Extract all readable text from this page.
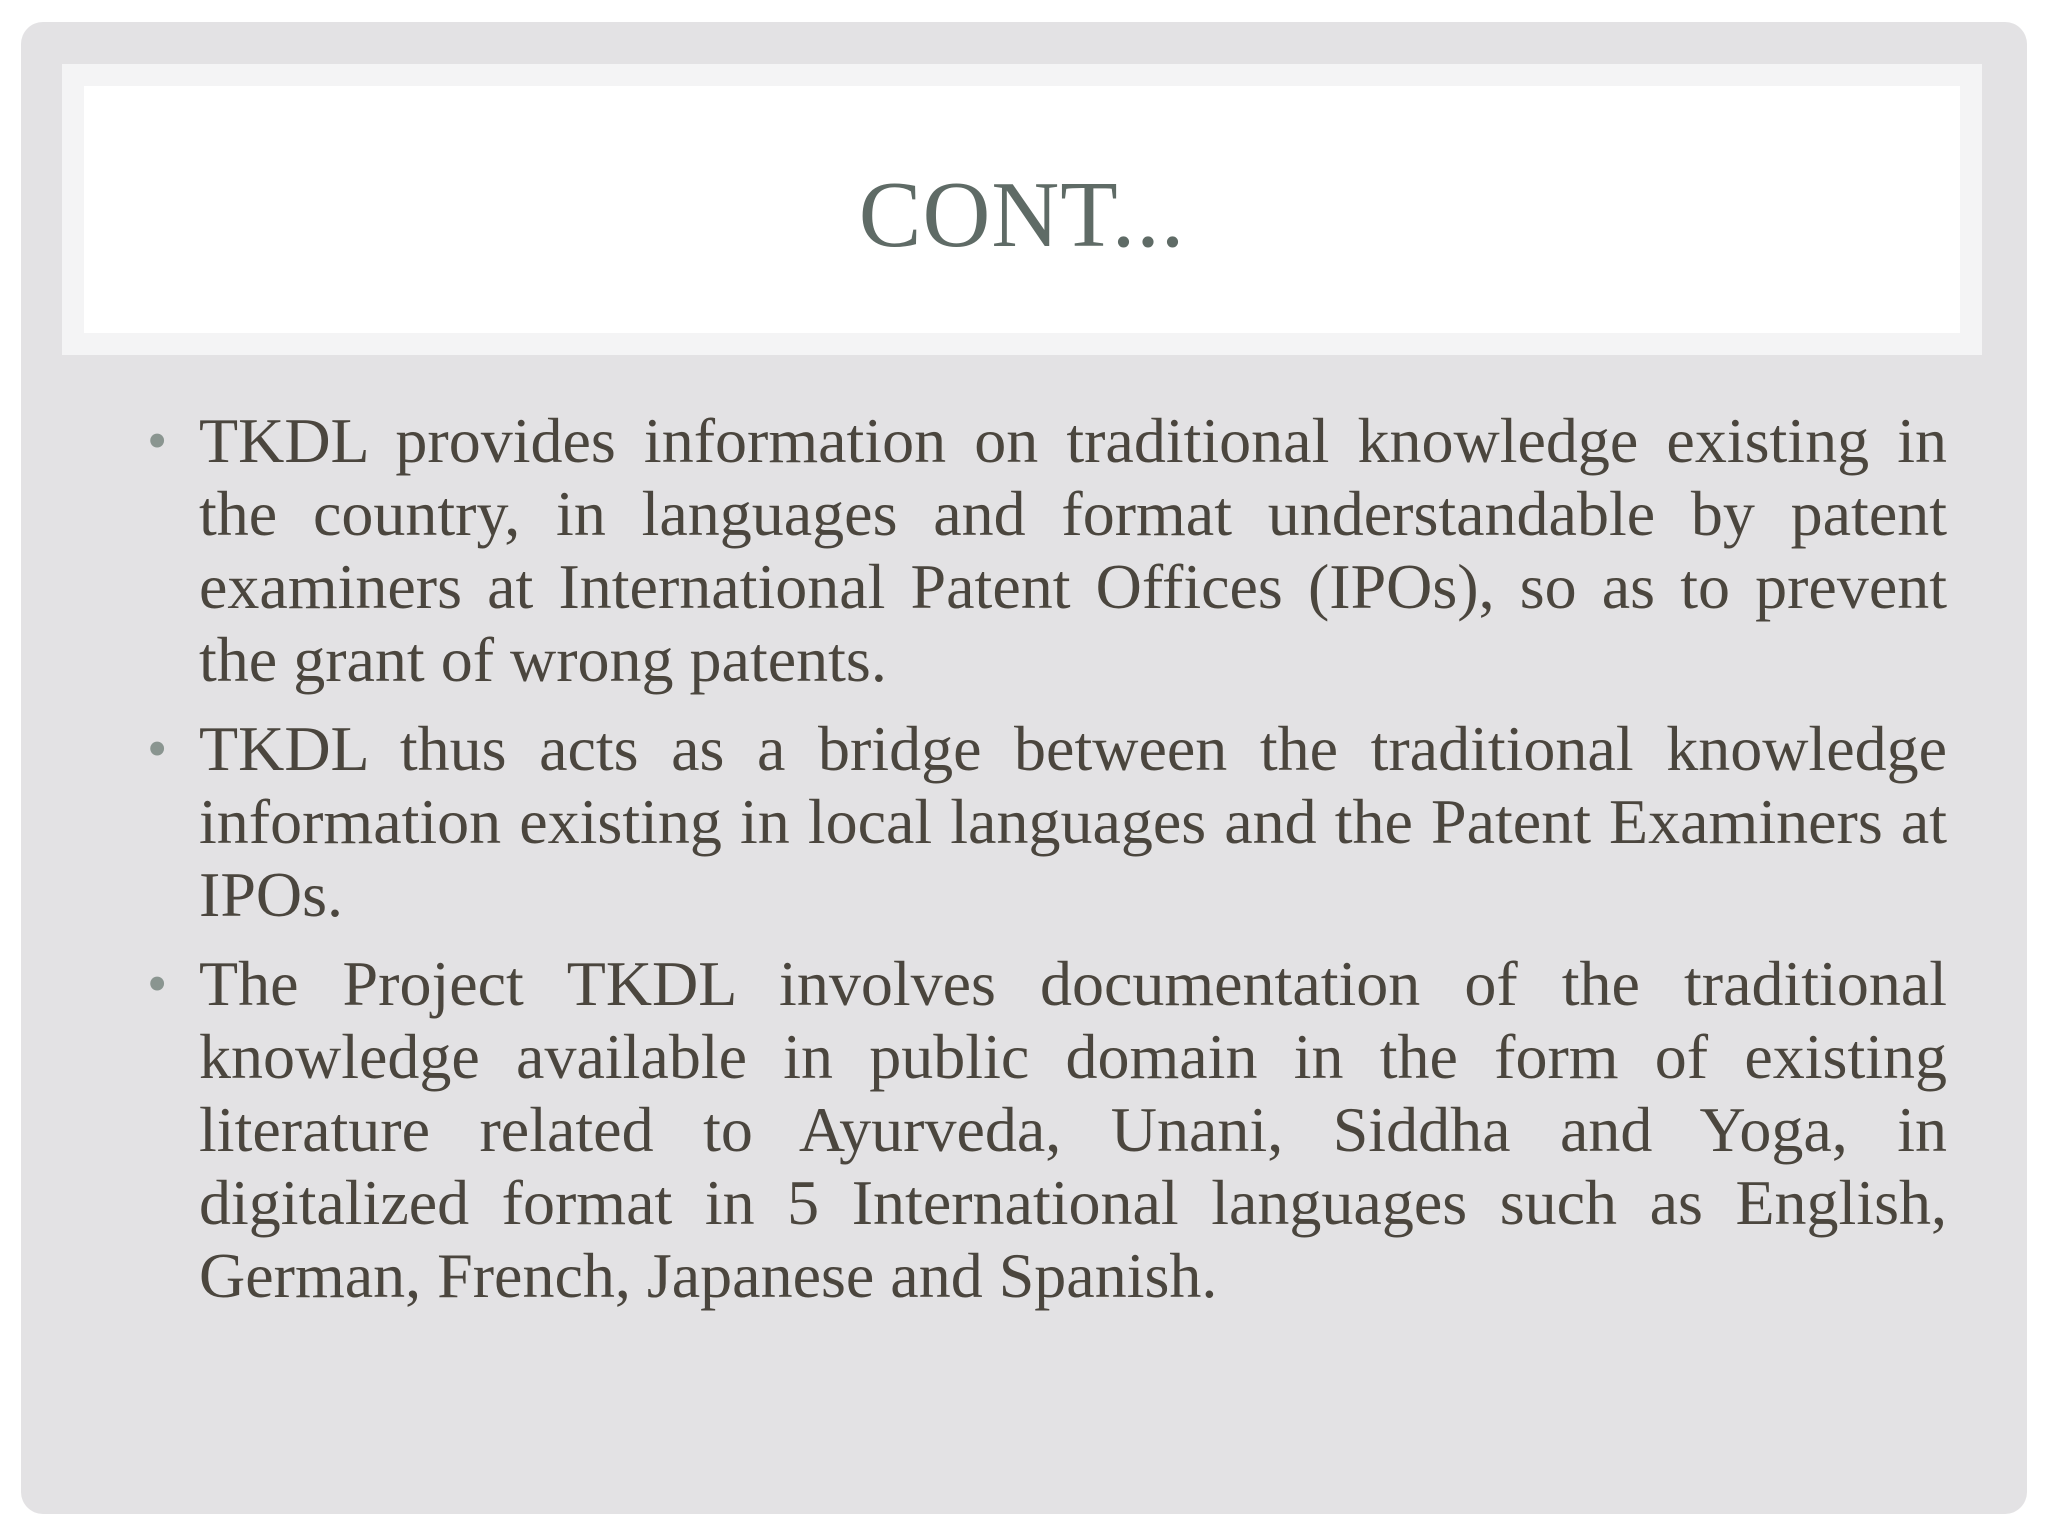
CONT...
• TKDL provides information on traditional knowledge existing in the country, in languages and format understandable by patent examiners at International Patent Offices (IPOs), so as to prevent the grant of wrong patents.
• TKDL thus acts as a bridge between the traditional knowledge information existing in local languages and the Patent Examiners at IPOs.
• The Project TKDL involves documentation of the traditional knowledge available in public domain in the form of existing literature related to Ayurveda, Unani, Siddha and Yoga, in digitalized format in 5 International languages such as English, German, French, Japanese and Spanish.
